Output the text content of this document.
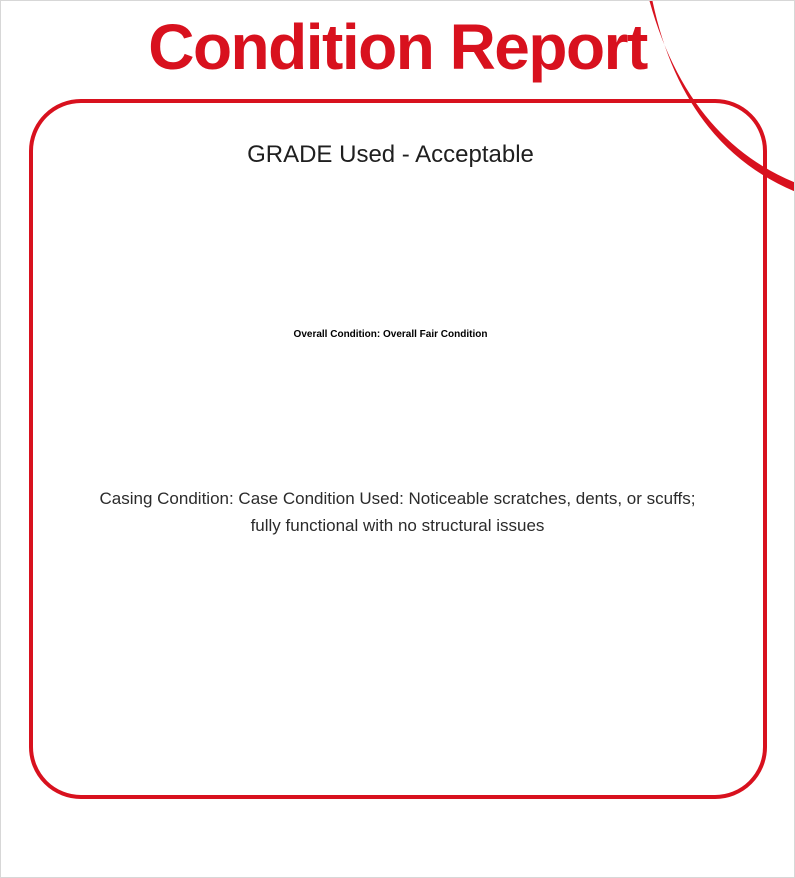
Condition Report
GRADE Used - Acceptable
Overall Condition: Overall Fair Condition
Casing Condition: Case Condition Used: Noticeable scratches, dents, or scuffs; fully functional with no structural issues
